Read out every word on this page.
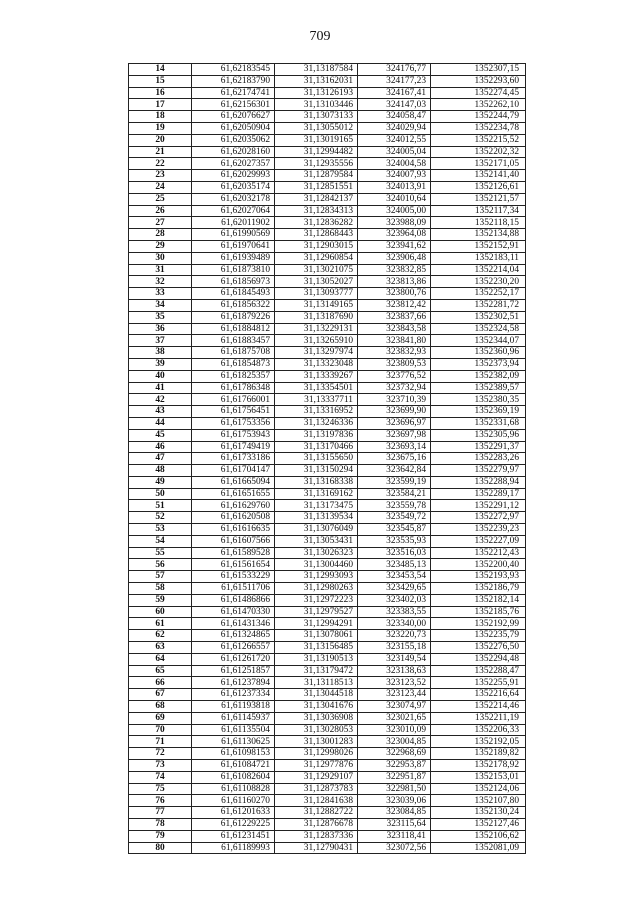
709
14	61,62183545	31,13187584	324176,77	1352307,15
15	61,62183790	31,13162031	324177,23	1352293,60
16	61,62174741	31,13126193	324167,41	1352274,45
17	61,62156301	31,13103446	324147,03	1352262,10
18	61,62076627	31,13073133	324058,47	1352244,79
19	61,62050904	31,13055012	324029,94	1352234,78
20	61,62035062	31,13019165	324012,55	1352215,52
21	61,62028160	31,12994482	324005,04	1352202,32
22	61,62027357	31,12935556	324004,58	1352171,05
23	61,62029993	31,12879584	324007,93	1352141,40
24	61,62035174	31,12851551	324013,91	1352126,61
25	61,62032178	31,12842137	324010,64	1352121,57
26	61,62027064	31,12834313	324005,00	1352117,34
27	61,62011902	31,12836282	323988,09	1352118,15
28	61,61990569	31,12868443	323964,08	1352134,88
29	61,61970641	31,12903015	323941,62	1352152,91
30	61,61939489	31,12960854	323906,48	1352183,11
31	61,61873810	31,13021075	323832,85	1352214,04
32	61,61856973	31,13052027	323813,86	1352230,20
33	61,61845493	31,13093777	323800,76	1352252,17
34	61,61856322	31,13149165	323812,42	1352281,72
35	61,61879226	31,13187690	323837,66	1352302,51
36	61,61884812	31,13229131	323843,58	1352324,58
37	61,61883457	31,13265910	323841,80	1352344,07
38	61,61875708	31,13297974	323832,93	1352360,96
39	61,61854873	31,13323048	323809,53	1352373,94
40	61,61825357	31,13339267	323776,52	1352382,09
41	61,61786348	31,13354501	323732,94	1352389,57
42	61,61766001	31,13337711	323710,39	1352380,35
43	61,61756451	31,13316952	323699,90	1352369,19
44	61,61753356	31,13246336	323696,97	1352331,68
45	61,61753943	31,13197836	323697,98	1352305,96
46	61,61749419	31,13170466	323693,14	1352291,37
47	61,61733186	31,13155650	323675,16	1352283,26
48	61,61704147	31,13150294	323642,84	1352279,97
49	61,61665094	31,13168338	323599,19	1352288,94
50	61,61651655	31,13169162	323584,21	1352289,17
51	61,61629760	31,13173475	323559,78	1352291,12
52	61,61620508	31,13139534	323549,72	1352272,97
53	61,61616635	31,13076049	323545,87	1352239,23
54	61,61607566	31,13053431	323535,93	1352227,09
55	61,61589528	31,13026323	323516,03	1352212,43
56	61,61561654	31,13004460	323485,13	1352200,40
57	61,61533229	31,12993093	323453,54	1352193,93
58	61,61511706	31,12980263	323429,65	1352186,79
59	61,61486866	31,12972223	323402,03	1352182,14
60	61,61470330	31,12979527	323383,55	1352185,76
61	61,61431346	31,12994291	323340,00	1352192,99
62	61,61324865	31,13078061	323220,73	1352235,79
63	61,61266557	31,13156485	323155,18	1352276,50
64	61,61261720	31,13190513	323149,54	1352294,48
65	61,61251857	31,13179472	323138,63	1352288,47
66	61,61237894	31,13118513	323123,52	1352255,91
67	61,61237334	31,13044518	323123,44	1352216,64
68	61,61193818	31,13041676	323074,97	1352214,46
69	61,61145937	31,13036908	323021,65	1352211,19
70	61,61135504	31,13028053	323010,09	1352206,33
71	61,61130625	31,13001283	323004,85	1352192,05
72	61,61098153	31,12998026	322968,69	1352189,82
73	61,61084721	31,12977876	322953,87	1352178,92
74	61,61082604	31,12929107	322951,87	1352153,01
75	61,61108828	31,12873783	322981,50	1352124,06
76	61,61160270	31,12841638	323039,06	1352107,80
77	61,61201633	31,12882722	323084,85	1352130,24
78	61,61229225	31,12876678	323115,64	1352127,46
79	61,61231451	31,12837336	323118,41	1352106,62
80	61,61189993	31,12790431	323072,56	1352081,09
